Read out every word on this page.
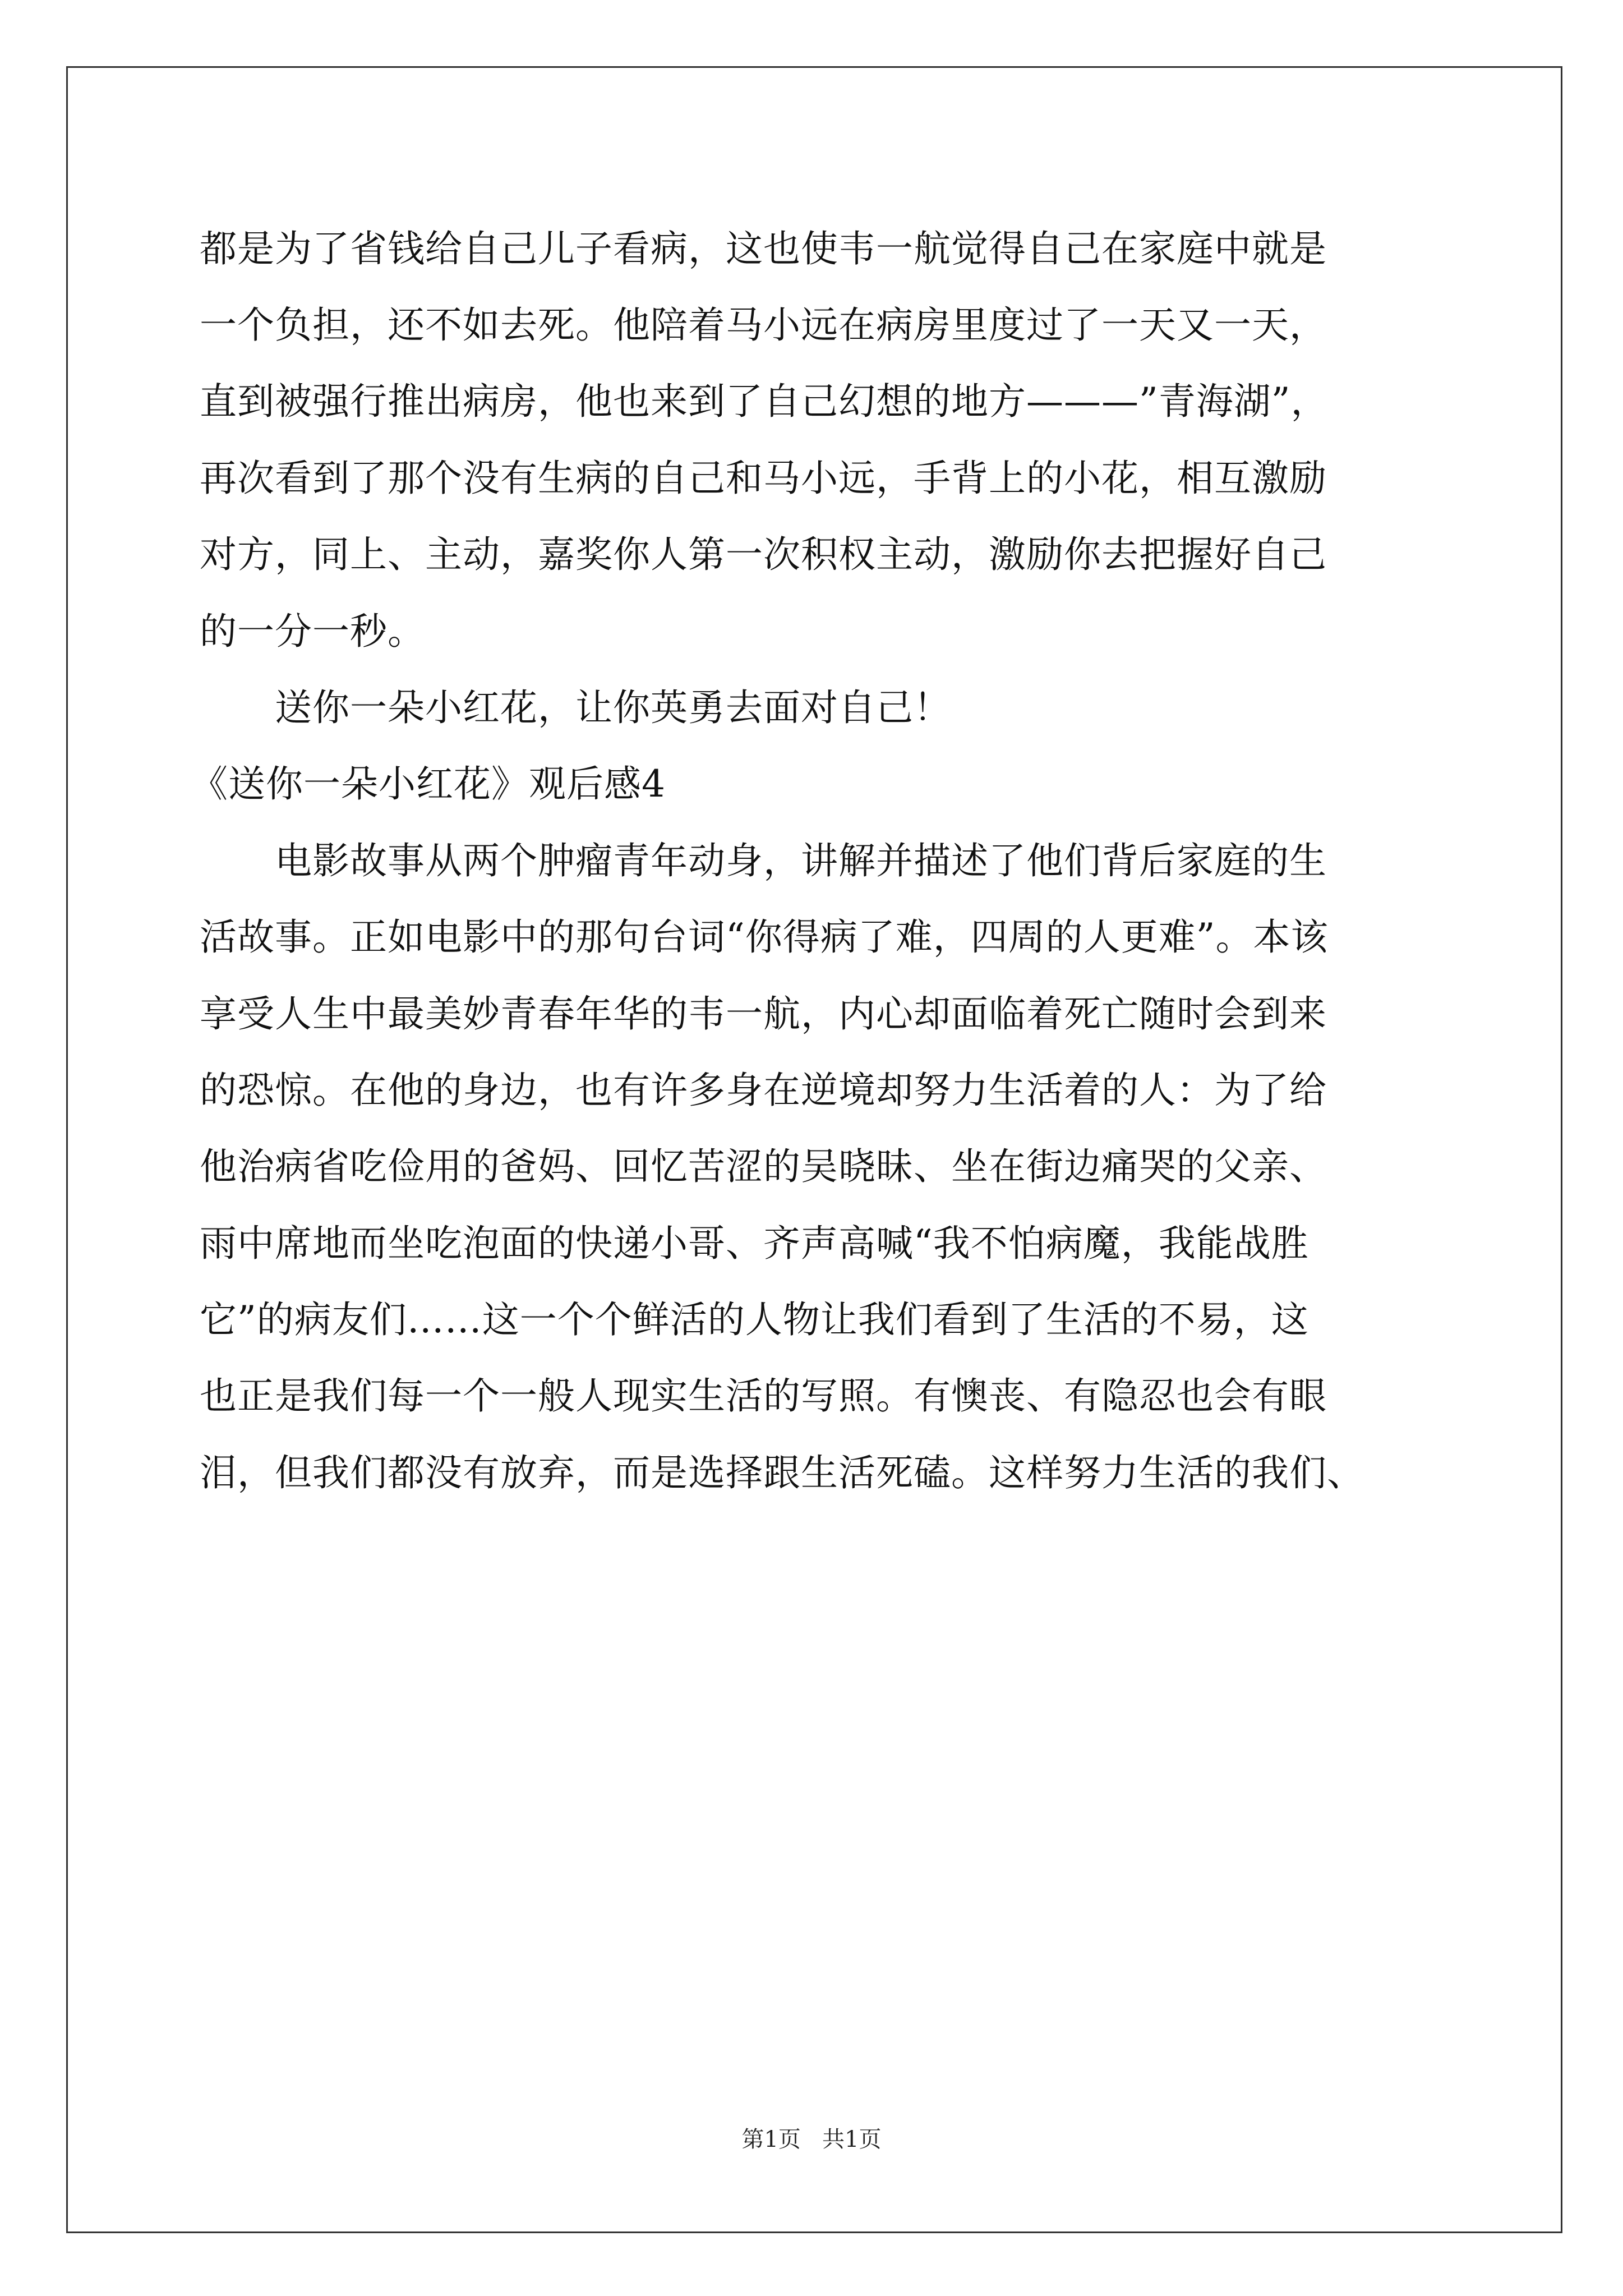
都是为了省钱给自己儿子看病，这也使韦一航觉得自己在家庭中就是
一个负担，还不如去死。他陪着马小远在病房里度过了一天又一天，
直到被强行推出病房，他也来到了自己幻想的地方———”青海湖”，
再次看到了那个没有生病的自己和马小远，手背上的小花，相互激励
对方，同上、主动，嘉奖你人第一次积权主动，激励你去把握好自己
的一分一秒。
送你一朵小红花，让你英勇去面对自己！
《送你一朵小红花》观后感4
电影故事从两个肿瘤青年动身，讲解并描述了他们背后家庭的生
活故事。正如电影中的那句台词“你得病了难，四周的人更难”。本该
享受人生中最美妙青春年华的韦一航，内心却面临着死亡随时会到来
的恐惊。在他的身边，也有许多身在逆境却努力生活着的人：为了给
他治病省吃俭用的爸妈、回忆苦涩的吴晓昧、坐在街边痛哭的父亲、
雨中席地而坐吃泡面的快递小哥、齐声高喊“我不怕病魔，我能战胜
它”的病友们……这一个个鲜活的人物让我们看到了生活的不易，这
也正是我们每一个一般人现实生活的写照。有懊丧、有隐忍也会有眼
泪，但我们都没有放弃，而是选择跟生活死磕。这样努力生活的我们、
第1页   共1页
